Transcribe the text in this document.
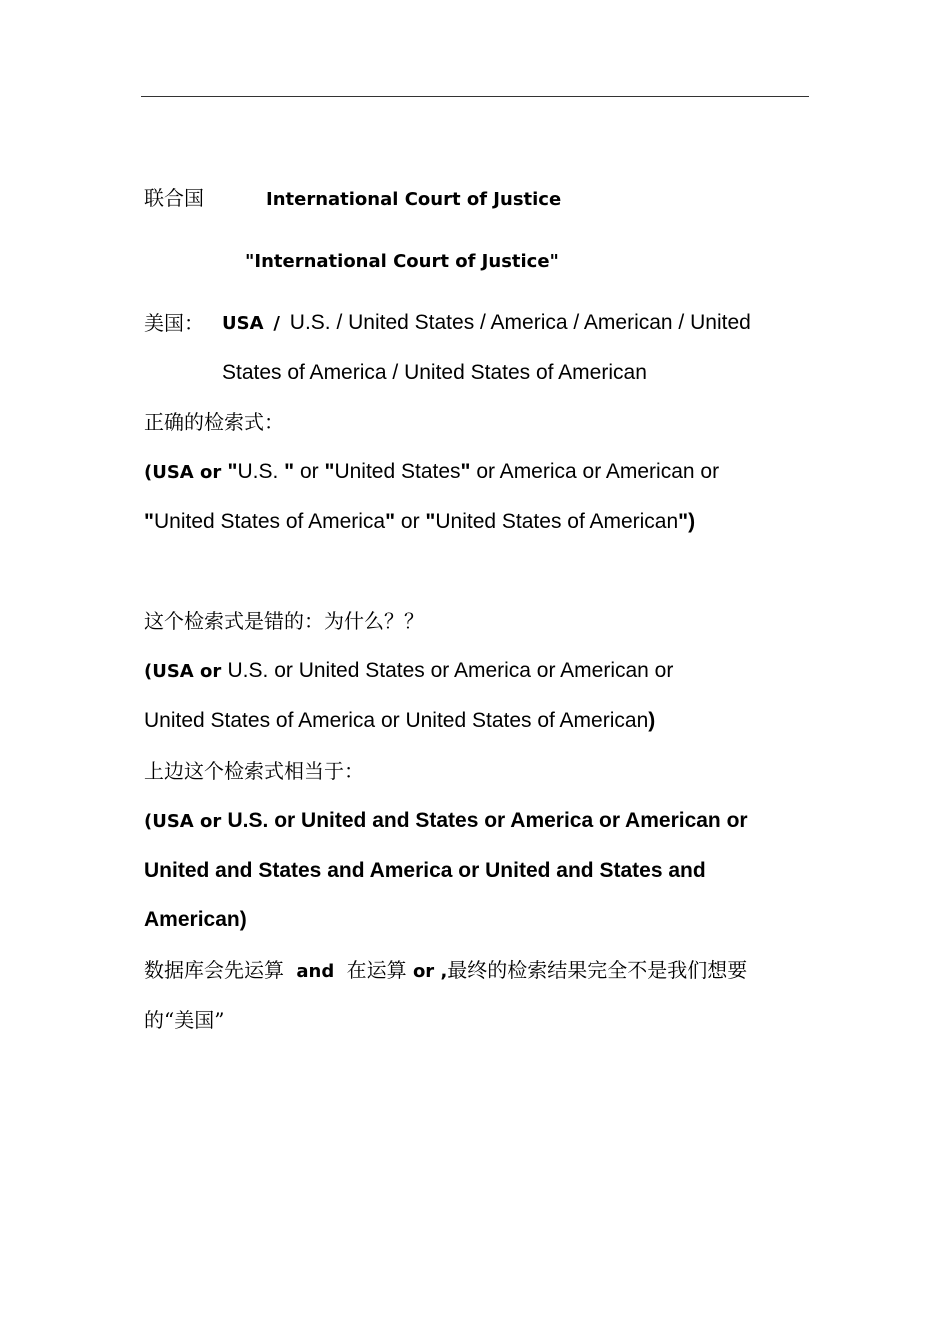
联合国	International Court of Justice
"International Court of Justice"
美国： USA / U.S. / United States / America / American / United
States of America / United States of American
正确的检索式：
(USA or "U.S. " or "United States" or America or American or
"United States of America" or "United States of American")
这个检索式是错的：为什么？？
(USA or U.S. or United States or America or American or
United States of America or United States of American)
上边这个检索式相当于：
(USA or U.S. or United and States or America or American or
United and States and America or United and States and
American)
数据库会先运算 and 在运算 or ,最终的检索结果完全不是我们想要
的“美国”
